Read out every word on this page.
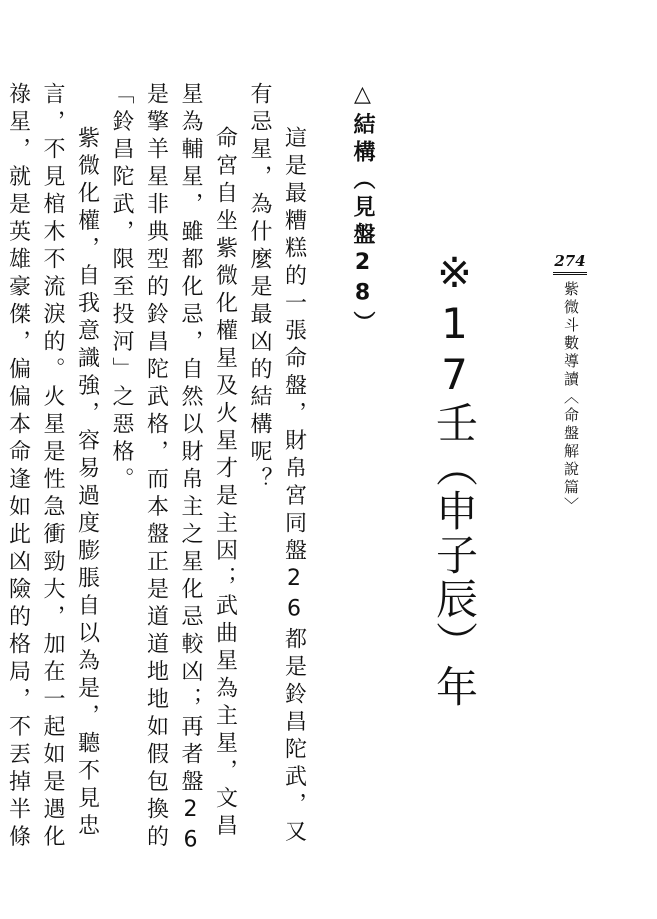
274
紫微斗數導讀〈命盤解說篇〉
※17壬（申子辰）年
△結構（見盤28）

這是最糟糕的一張命盤，財帛宮同盤26都是鈴昌陀武，又有忌星，為什麼是最凶的結構呢？

命宮自坐紫微化權星及火星才是主因；武曲星為主星，文昌星為輔星，雖都化忌，自然以財帛主之星化忌較凶；再者盤26是擎羊星非典型的鈴昌陀武格，而本盤正是道道地地如假包換的「鈴昌陀武，限至投河」之惡格。

紫微化權，自我意識強，容易過度膨脹自以為是，聽不見忠言，不見棺木不流淚的。火星是性急衝勁大，加在一起如是遇化祿星，就是英雄豪傑，偏偏本命逢如此凶險的格局，不丟掉半條
